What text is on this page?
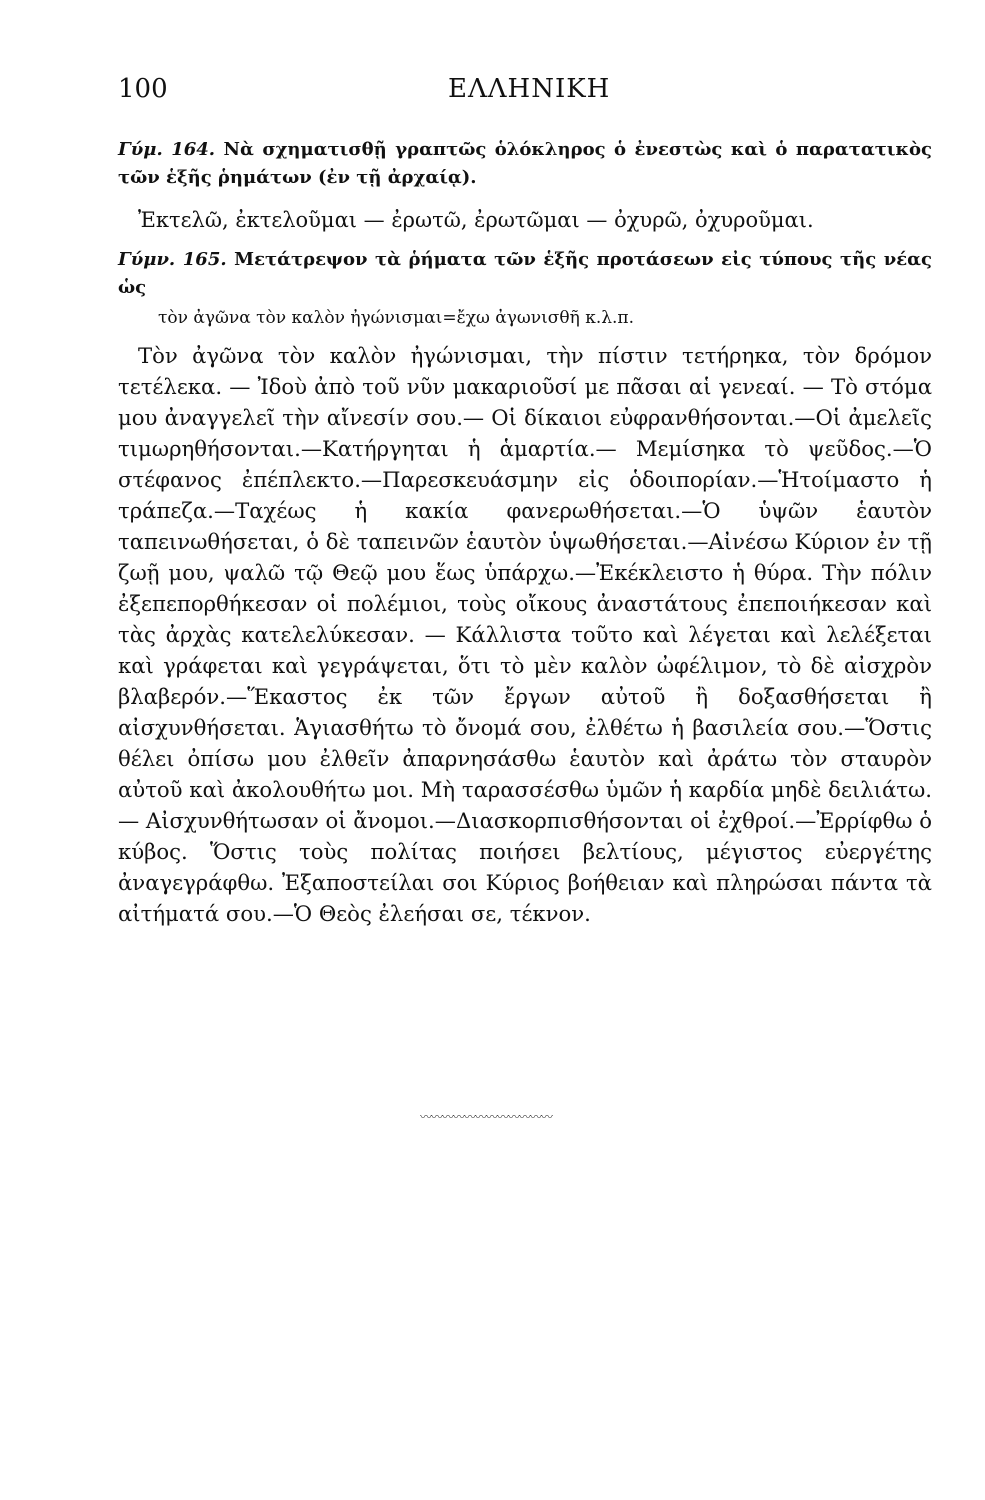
100	ΕΛΛΗΝΙΚΗ
Γύμ. 164. Νὰ σχηματισθῇ γραπτῶς ὁλόκληρος ὁ ἐνεστὼς καὶ ὁ παρατατικὸς τῶν ἑξῆς ῥημάτων (ἐν τῇ ἀρχαίᾳ).
Ἐκτελῶ, ἐκτελοῦμαι — ἐρωτῶ, ἐρωτῶμαι — ὀχυρῶ, ὀχυροῦμαι.
Γύμν. 165. Μετάτρεψον τὰ ῥήματα τῶν ἑξῆς προτάσεων εἰς τύπους τῆς νέας ὡς
τὸν ἀγῶνα τὸν καλὸν ἠγώνισμαι=ἔχω ἀγωνισθῆ κ.λ.π.
Τὸν ἀγῶνα τὸν καλὸν ἠγώνισμαι, τὴν πίστιν τετήρηκα, τὸν δρόμον τετέλεκα. — Ἰδοὺ ἀπὸ τοῦ νῦν μακαριοῦσί με πᾶσαι αἱ γενεαί. — Τὸ στόμα μου ἀναγγελεῖ τὴν αἴνεσίν σου.— Οἱ δίκαιοι εὐφρανθήσονται.—Οἱ ἀμελεῖς τιμωρηθήσονται.—Κατήργηται ἡ ἁμαρτία.— Μεμίσηκα τὸ ψεῦδος.—Ὁ στέφανος ἐπέπλεκτο.—Παρεσκευάσμην εἰς ὁδοιπορίαν.—Ἡτοίμαστο ἡ τράπεζα.—Ταχέως ἡ κακία φανερωθήσεται.—Ὁ ὑψῶν ἑαυτὸν ταπεινωθήσεται, ὁ δὲ ταπεινῶν ἑαυτὸν ὑψωθήσεται.—Αἰνέσω Κύριον ἐν τῇ ζωῇ μου, ψαλῶ τῷ Θεῷ μου ἕως ὑπάρχω.—Ἐκέκλειστο ἡ θύρα. Τὴν πόλιν ἐξεπεπορθήκεσαν οἱ πολέμιοι, τοὺς οἴκους ἀναστάτους ἐπεποιήκεσαν καὶ τὰς ἀρχὰς κατελελύκεσαν. — Κάλλιστα τοῦτο καὶ λέγεται καὶ λελέξεται καὶ γράφεται καὶ γεγράψεται, ὅτι τὸ μὲν καλὸν ὠφέλιμον, τὸ δὲ αἰσχρὸν βλαβερόν.—Ἕκαστος ἐκ τῶν ἔργων αὐτοῦ ἢ δοξασθήσεται ἢ αἰσχυνθήσεται. Ἁγιασθήτω τὸ ὄνομά σου, ἐλθέτω ἡ βασιλεία σου.—Ὅστις θέλει ὀπίσω μου ἐλθεῖν ἀπαρνησάσθω ἑαυτὸν καὶ ἀράτω τὸν σταυρὸν αὐτοῦ καὶ ἀκολουθήτω μοι. Μὴ ταρασσέσθω ὑμῶν ἡ καρδία μηδὲ δειλιάτω.— Αἰσχυνθήτωσαν οἱ ἄνομοι.—Διασκορπισθήσονται οἱ ἐχθροί.—Ἐρρίφθω ὁ κύβος. Ὅστις τοὺς πολίτας ποιήσει βελτίους, μέγιστος εὐεργέτης ἀναγεγράφθω. Ἐξαποστείλαι σοι Κύριος βοήθειαν καὶ πληρώσαι πάντα τὰ αἰτήματά σου.—Ὁ Θεὸς ἐλεήσαι σε, τέκνον.
〰〰〰〰〰〰〰〰〰〰〰〰
